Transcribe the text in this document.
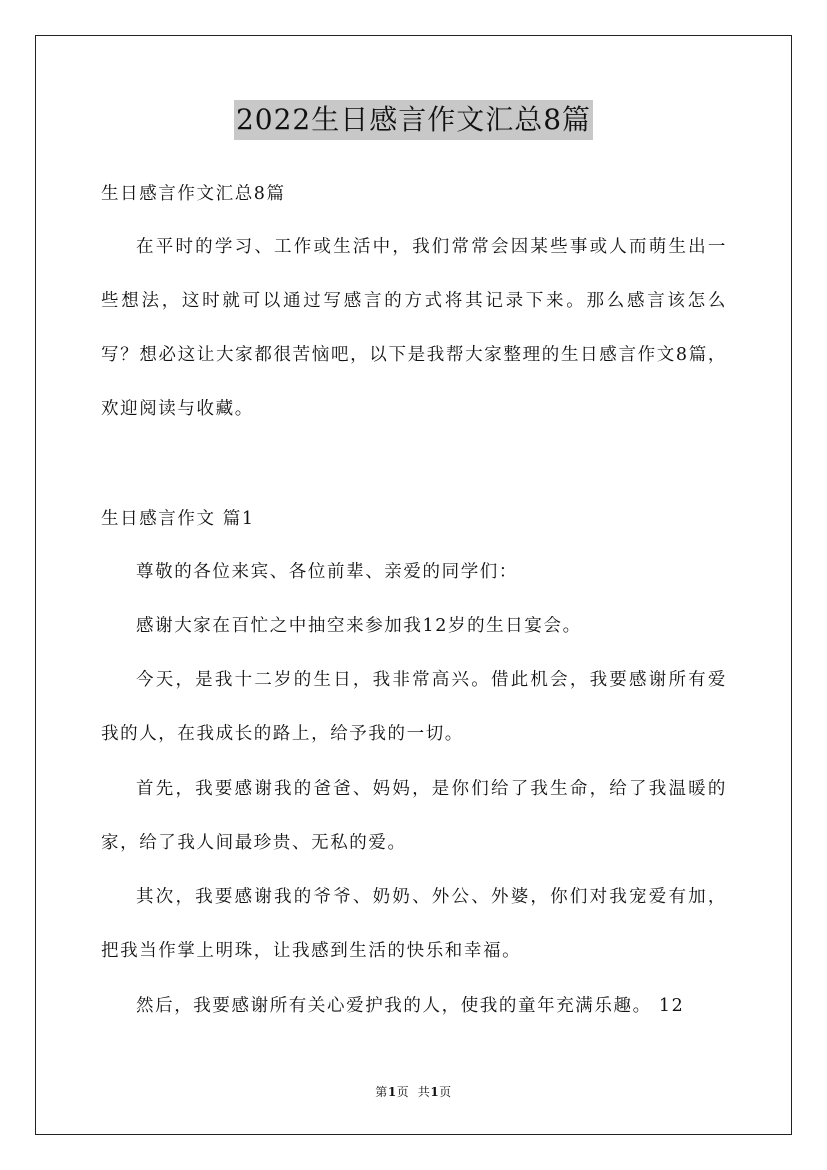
2022生日感言作文汇总8篇
生日感言作文汇总8篇

在平时的学习、工作或生活中，我们常常会因某些事或人而萌生出一些想法，这时就可以通过写感言的方式将其记录下来。那么感言该怎么写？想必这让大家都很苦恼吧，以下是我帮大家整理的生日感言作文8篇，欢迎阅读与收藏。

生日感言作文 篇1

尊敬的各位来宾、各位前辈、亲爱的同学们：

感谢大家在百忙之中抽空来参加我12岁的生日宴会。

今天，是我十二岁的生日，我非常高兴。借此机会，我要感谢所有爱我的人，在我成长的路上，给予我的一切。

首先，我要感谢我的爸爸、妈妈，是你们给了我生命，给了我温暖的家，给了我人间最珍贵、无私的爱。

其次，我要感谢我的爷爷、奶奶、外公、外婆，你们对我宠爱有加，把我当作掌上明珠，让我感到生活的快乐和幸福。

然后，我要感谢所有关心爱护我的人，使我的童年充满乐趣。 12

第1页  共1页
